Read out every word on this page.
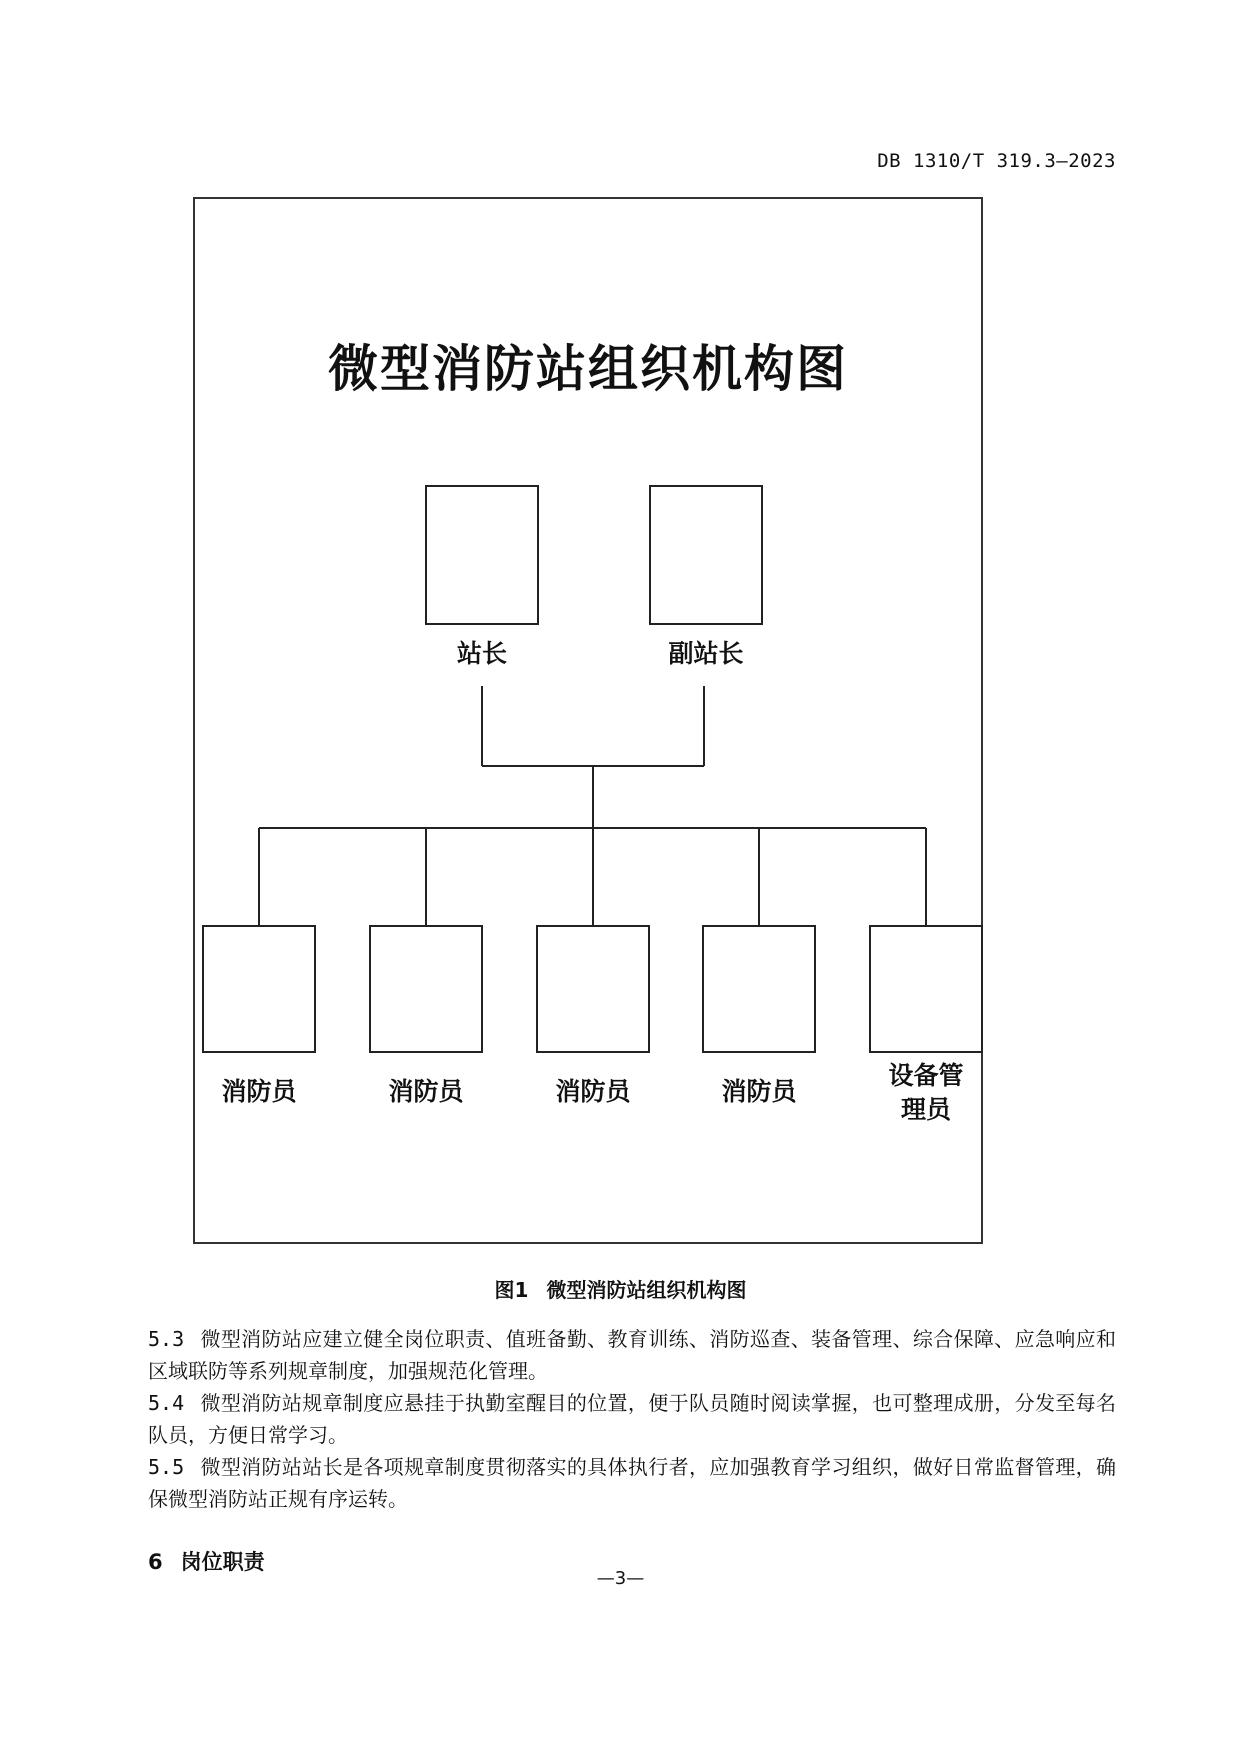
DB 1310/T 319.3—2023
微型消防站组织机构图
站长	副站长
消防员	消防员	消防员	消防员
设备管
理员
图1 微型消防站组织机构图
5.3 微型消防站应建立健全岗位职责、值班备勤、教育训练、消防巡查、装备管理、综合保障、应急响应和区域联防等系列规章制度，加强规范化管理。
5.4 微型消防站规章制度应悬挂于执勤室醒目的位置，便于队员随时阅读掌握，也可整理成册，分发至每名队员，方便日常学习。
5.5 微型消防站站长是各项规章制度贯彻落实的具体执行者，应加强教育学习组织，做好日常监督管理，确保微型消防站正规有序运转。
6 岗位职责
—3—
